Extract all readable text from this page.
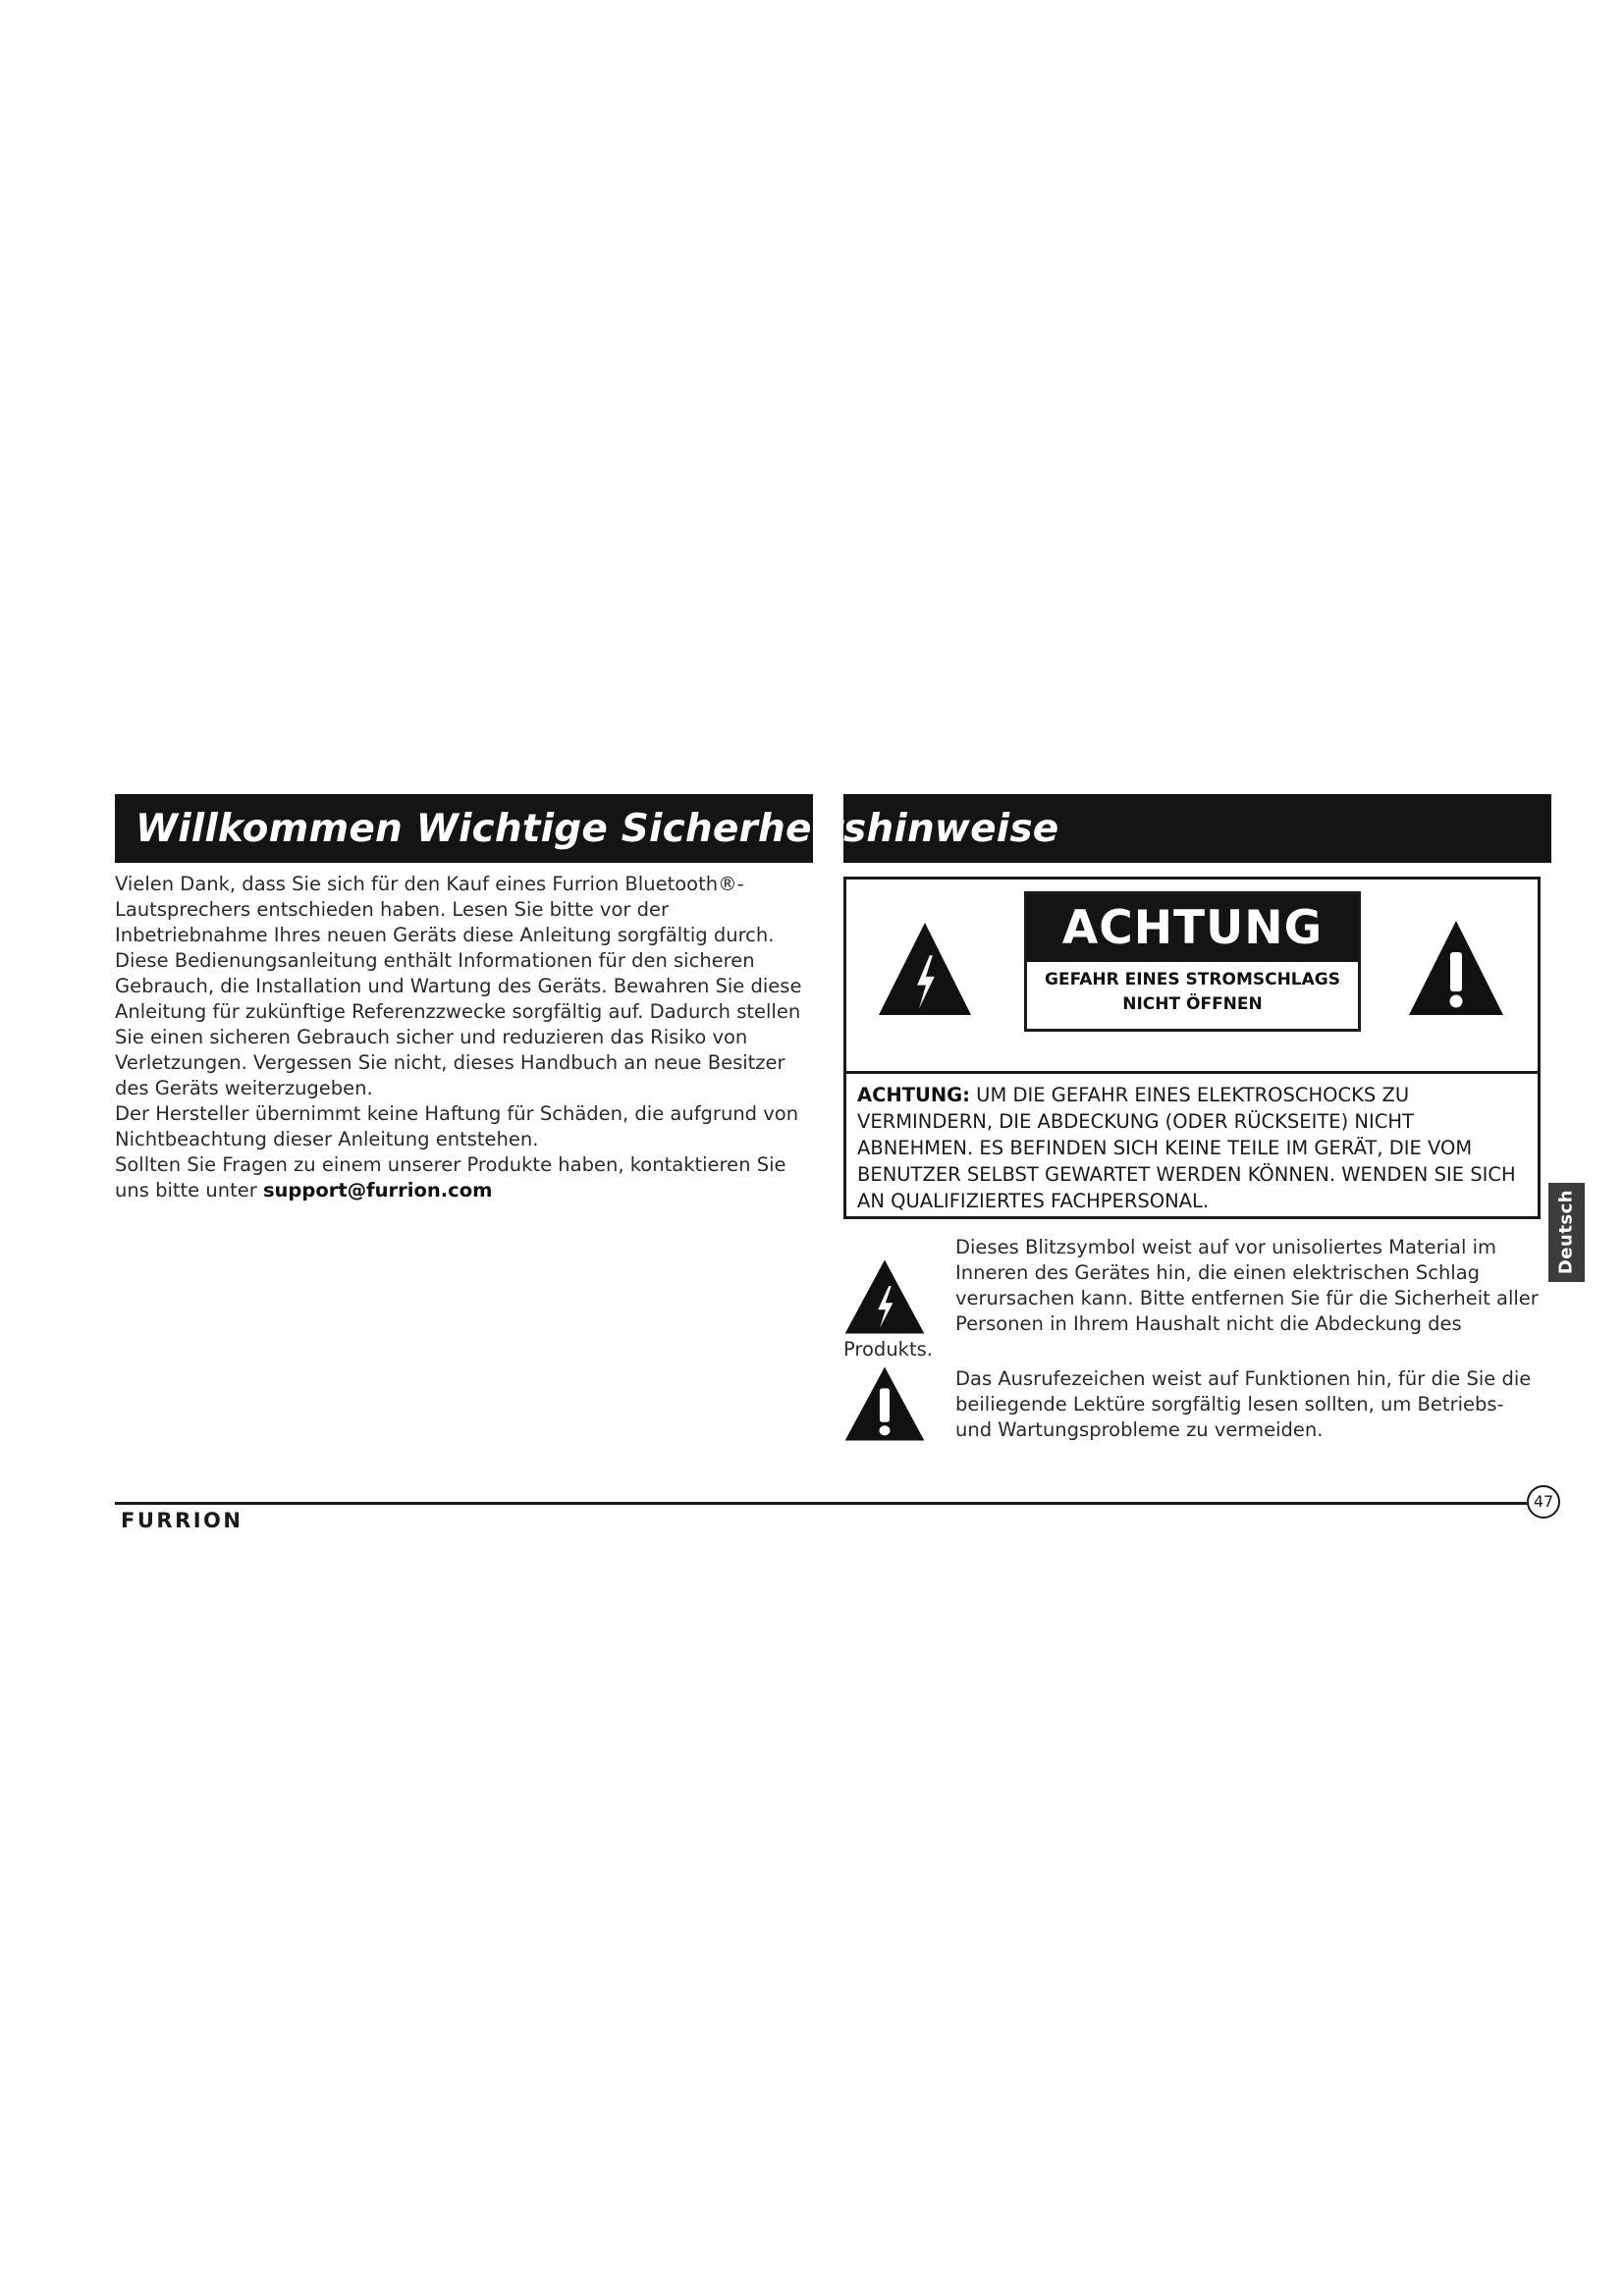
Willkommen Wichtige Sicherheitshinweise

Vielen Dank, dass Sie sich für den Kauf eines Furrion Bluetooth®-Lautsprechers entschieden haben. Lesen Sie bitte vor der Inbetriebnahme Ihres neuen Geräts diese Anleitung sorgfältig durch.

Diese Bedienungsanleitung enthält Informationen für den sicheren Gebrauch, die Installation und Wartung des Geräts. Bewahren Sie diese Anleitung für zukünftige Referenzzwecke sorgfältig auf. Dadurch stellen Sie einen sicheren Gebrauch sicher und reduzieren das Risiko von Verletzungen. Vergessen Sie nicht, dieses Handbuch an neue Besitzer des Geräts weiterzugeben.

Der Hersteller übernimmt keine Haftung für Schäden, die aufgrund von Nichtbeachtung dieser Anleitung entstehen.

Sollten Sie Fragen zu einem unserer Produkte haben, kontaktieren Sie uns bitte unter support@furrion.com

ACHTUNG
GEFAHR EINES STROMSCHLAGS
NICHT ÖFFNEN

ACHTUNG: UM DIE GEFAHR EINES ELEKTROSCHOCKS ZU VERMINDERN, DIE ABDECKUNG (ODER RÜCKSEITE) NICHT ABNEHMEN. ES BEFINDEN SICH KEINE TEILE IM GERÄT, DIE VOM BENUTZER SELBST GEWARTET WERDEN KÖNNEN. WENDEN SIE SICH AN QUALIFIZIERTES FACHPERSONAL.

Dieses Blitzsymbol weist auf vor unisoliertes Material im Inneren des Gerätes hin, die einen elektrischen Schlag verursachen kann. Bitte entfernen Sie für die Sicherheit aller Personen in Ihrem Haushalt nicht die Abdeckung des
Produkts.
Das Ausrufezeichen weist auf Funktionen hin, für die Sie die beiliegende Lektüre sorgfältig lesen sollten, um Betriebs- und Wartungsprobleme zu vermeiden.
Deutsch
47
FURRION
